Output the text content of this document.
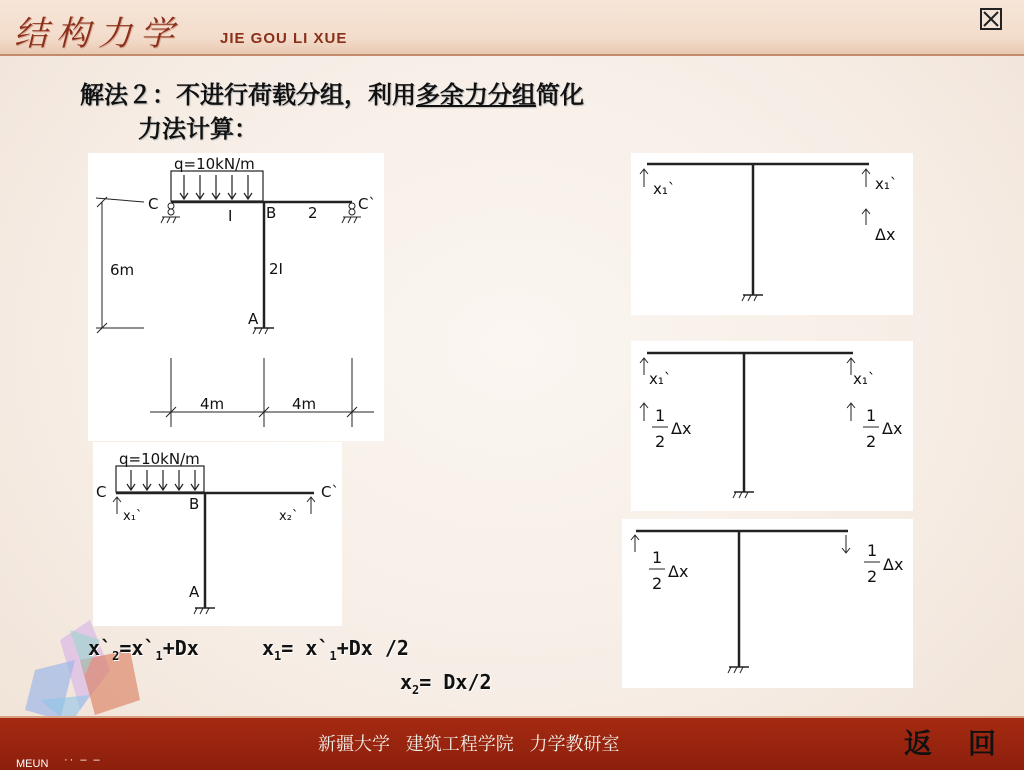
结构力学	JIE GOU LI XUE
解法２：不进行荷载分组，利用多余力分组简化
力法计算：
q=10kN/m
C	B	C`
A
I	2
2I
6m
4m	4m
q=10kN/m
C
B
C`
A
x₁`	x₂`
x₁`	x₁`
Δx
x₁`	x₁`
1
2
Δx
1
2
Δx
1
2
Δx
1
2
Δx
$x`_2=x`_1+Dx$	$x_1=$ $x`_1+Dx$ /2
$x_2= Dx/2$
新疆大学 建筑工程学院 力学教研室	返 回
MEUN ·· ‒ ‒
